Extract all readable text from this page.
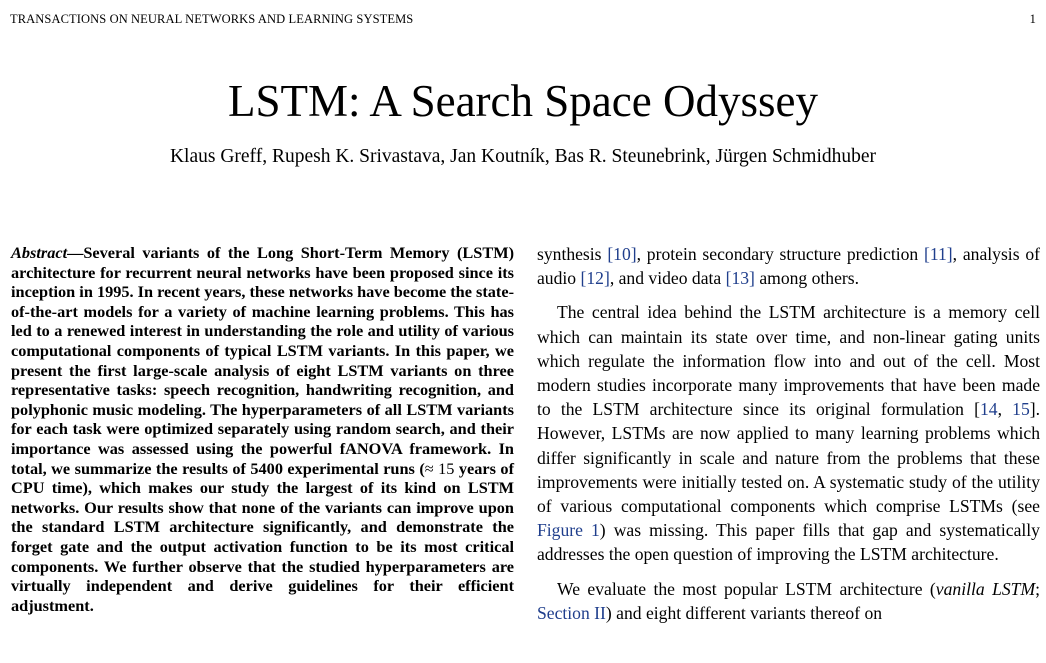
TRANSACTIONS ON NEURAL NETWORKS AND LEARNING SYSTEMS	1
LSTM: A Search Space Odyssey
Klaus Greff, Rupesh K. Srivastava, Jan Koutník, Bas R. Steunebrink, Jürgen Schmidhuber
Abstract—Several variants of the Long Short-Term Memory (LSTM) architecture for recurrent neural networks have been proposed since its inception in 1995. In recent years, these networks have become the state-of-the-art models for a variety of machine learning problems. This has led to a renewed interest in understanding the role and utility of various computational components of typical LSTM variants. In this paper, we present the first large-scale analysis of eight LSTM variants on three representative tasks: speech recognition, handwriting recognition, and polyphonic music modeling. The hyperparameters of all LSTM variants for each task were optimized separately using random search, and their importance was assessed using the powerful fANOVA framework. In total, we summarize the results of 5400 experimental runs (≈ 15 years of CPU time), which makes our study the largest of its kind on LSTM networks. Our results show that none of the variants can improve upon the standard LSTM architecture significantly, and demonstrate the forget gate and the output activation function to be its most critical components. We further observe that the studied hyperparameters are virtually independent and derive guidelines for their efficient adjustment.

synthesis [10], protein secondary structure prediction [11], analysis of audio [12], and video data [13] among others.

The central idea behind the LSTM architecture is a memory cell which can maintain its state over time, and non-linear gating units which regulate the information flow into and out of the cell. Most modern studies incorporate many improvements that have been made to the LSTM architecture since its original formulation [14, 15]. However, LSTMs are now applied to many learning problems which differ significantly in scale and nature from the problems that these improvements were initially tested on. A systematic study of the utility of various computational components which comprise LSTMs (see Figure 1) was missing. This paper fills that gap and systematically addresses the open question of improving the LSTM architecture.

We evaluate the most popular LSTM architecture (vanilla LSTM; Section II) and eight different variants thereof on
